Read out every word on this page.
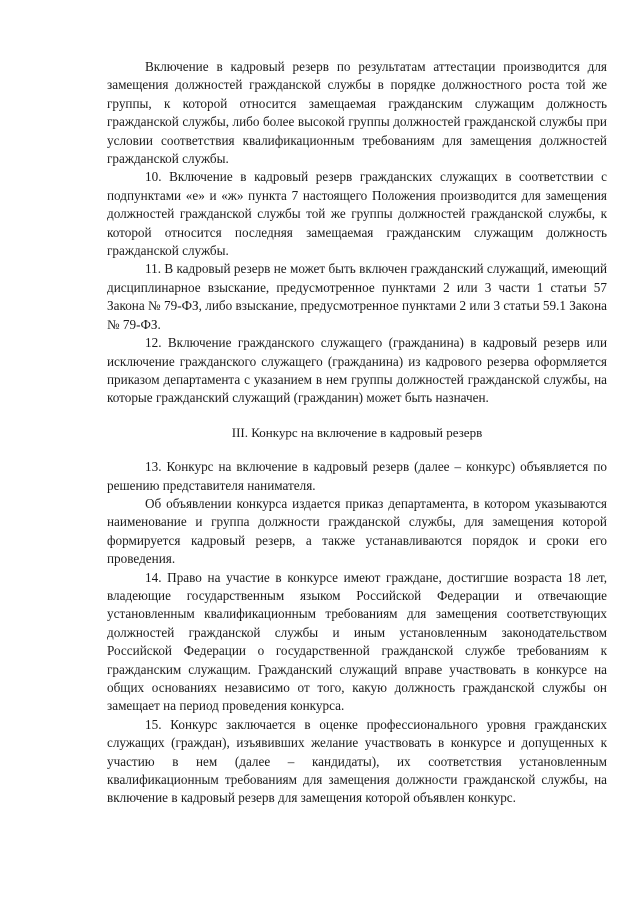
Включение в кадровый резерв по результатам аттестации производится для замещения должностей гражданской службы в порядке должностного роста той же группы, к которой относится замещаемая гражданским служащим должность гражданской службы, либо более высокой группы должностей гражданской службы при условии соответствия квалификационным требованиям для замещения должностей гражданской службы.

10. Включение в кадровый резерв гражданских служащих в соответствии с подпунктами «е» и «ж» пункта 7 настоящего Положения производится для замещения должностей гражданской службы той же группы должностей гражданской службы, к которой относится последняя замещаемая гражданским служащим должность гражданской службы.

11. В кадровый резерв не может быть включен гражданский служащий, имеющий дисциплинарное взыскание, предусмотренное пунктами 2 или 3 части 1 статьи 57 Закона № 79-ФЗ, либо взыскание, предусмотренное пунктами 2 или 3 статьи 59.1 Закона № 79-ФЗ.

12. Включение гражданского служащего (гражданина) в кадровый резерв или исключение гражданского служащего (гражданина) из кадрового резерва оформляется приказом департамента с указанием в нем группы должностей гражданской службы, на которые гражданский служащий (гражданин) может быть назначен.

III. Конкурс на включение в кадровый резерв

13. Конкурс на включение в кадровый резерв (далее – конкурс) объявляется по решению представителя нанимателя.

Об объявлении конкурса издается приказ департамента, в котором указываются наименование и группа должности гражданской службы, для замещения которой формируется кадровый резерв, а также устанавливаются порядок и сроки его проведения.

14. Право на участие в конкурсе имеют граждане, достигшие возраста 18 лет, владеющие государственным языком Российской Федерации и отвечающие установленным квалификационным требованиям для замещения соответствующих должностей гражданской службы и иным установленным законодательством Российской Федерации о государственной гражданской службе требованиям к гражданским служащим. Гражданский служащий вправе участвовать в конкурсе на общих основаниях независимо от того, какую должность гражданской службы он замещает на период проведения конкурса.

15. Конкурс заключается в оценке профессионального уровня гражданских служащих (граждан), изъявивших желание участвовать в конкурсе и допущенных к участию в нем (далее – кандидаты), их соответствия установленным квалификационным требованиям для замещения должности гражданской службы, на включение в кадровый резерв для замещения которой объявлен конкурс.
